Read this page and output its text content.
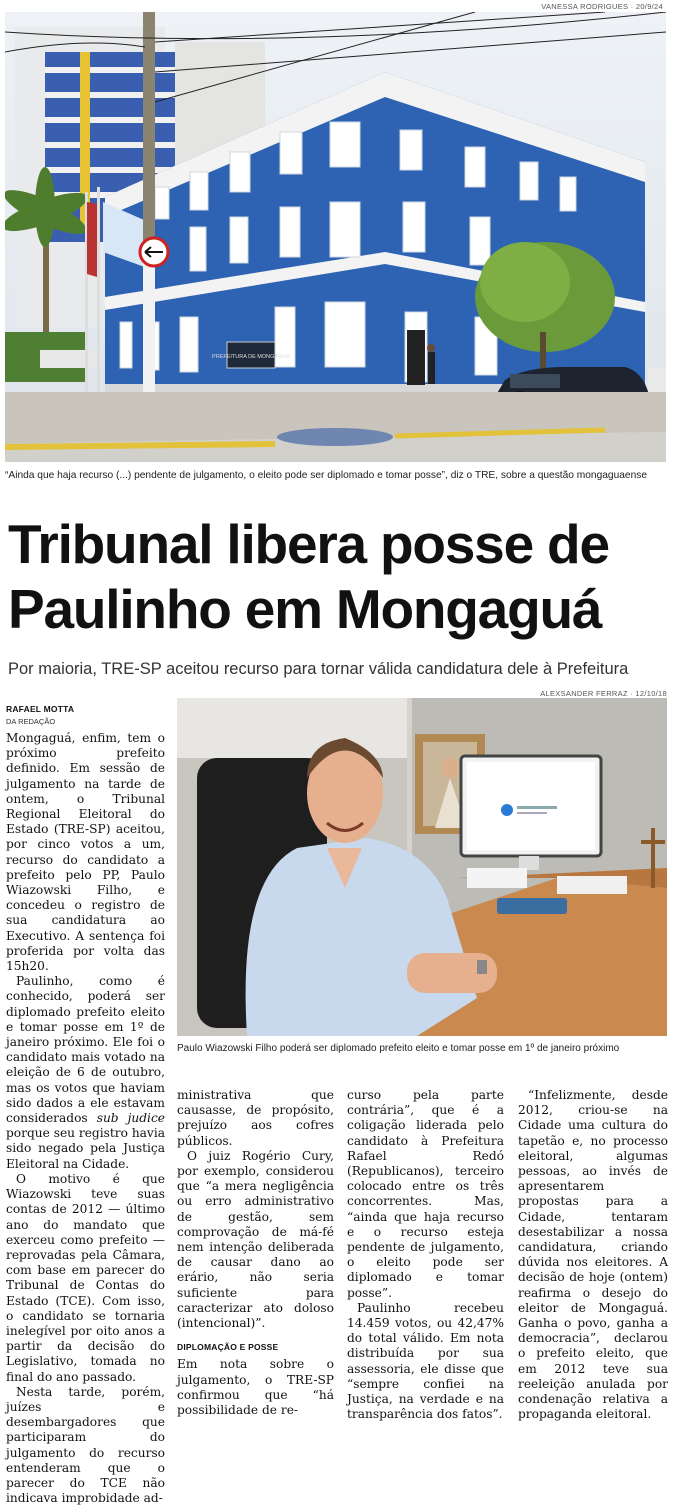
VANESSA RODRIGUES · 20/9/24
PREFEITURA DE MONGAGUÁ
“Ainda que haja recurso (...) pendente de julgamento, o eleito pode ser diplomado e tomar posse”, diz o TRE, sobre a questão mongaguaense
Tribunal libera posse de
Paulinho em Mongaguá
Por maioria, TRE-SP aceitou recurso para tornar válida candidatura dele à Prefeitura
RAFAEL MOTTA
DA REDAÇÃO
ALEXSANDER FERRAZ · 12/10/18
Paulo Wiazowski Filho poderá ser diplomado prefeito eleito e tomar posse em 1º de janeiro próximo

Mongaguá, enfim, tem o próximo prefeito definido. Em sessão de julgamento na tarde de ontem, o Tribunal Regional Eleitoral do Estado (TRE-SP) aceitou, por cinco votos a um, recurso do candidato a prefeito pelo PP, Paulo Wiazowski Filho, e concedeu o registro de sua candidatura ao Executivo. A sentença foi proferida por volta das 15h20.

Paulinho, como é conhecido, poderá ser diplomado prefeito eleito e tomar posse em 1º de janeiro próximo. Ele foi o candidato mais votado na eleição de 6 de outubro, mas os votos que haviam sido dados a ele estavam considerados sub judice porque seu registro havia sido negado pela Justiça Eleitoral na Cidade.

O motivo é que Wiazowski teve suas contas de 2012 — último ano do mandato que exerceu como prefeito — reprovadas pela Câmara, com base em parecer do Tribunal de Contas do Estado (TCE). Com isso, o candidato se tornaria inelegível por oito anos a partir da decisão do Legislativo, tomada no final do ano passado.

Nesta tarde, porém, juízes e desembargadores que participaram do julgamento do recurso entenderam que o parecer do TCE não indicava improbidade ad-

ministrativa que causasse, de propósito, prejuízo aos cofres públicos.

O juiz Rogério Cury, por exemplo, considerou que “a mera negligência ou erro administrativo de gestão, sem comprovação de má-fé nem intenção deliberada de causar dano ao erário, não seria suficiente para caracterizar ato doloso (intencional)”.

DIPLOMAÇÃO E POSSE

Em nota sobre o julgamento, o TRE-SP confirmou que “há possibilidade de re-

curso pela parte contrária”, que é a coligação liderada pelo candidato à Prefeitura Rafael Redó (Republicanos), terceiro colocado entre os três concorrentes. Mas, “ainda que haja recurso e o recurso esteja pendente de julgamento, o eleito pode ser diplomado e tomar posse”.

Paulinho recebeu 14.459 votos, ou 42,47% do total válido. Em nota distribuída por sua assessoria, ele disse que “sempre confiei na Justiça, na verdade e na transparência dos fatos”.

“Infelizmente, desde 2012, criou-se na Cidade uma cultura do tapetão e, no processo eleitoral, algumas pessoas, ao invés de apresentarem propostas para a Cidade, tentaram desestabilizar a nossa candidatura, criando dúvida nos eleitores. A decisão de hoje (ontem) reafirma o desejo do eleitor de Mongaguá. Ganha o povo, ganha a democracia”, declarou o prefeito eleito, que em 2012 teve sua reeleição anulada por condenação relativa a propaganda eleitoral.
